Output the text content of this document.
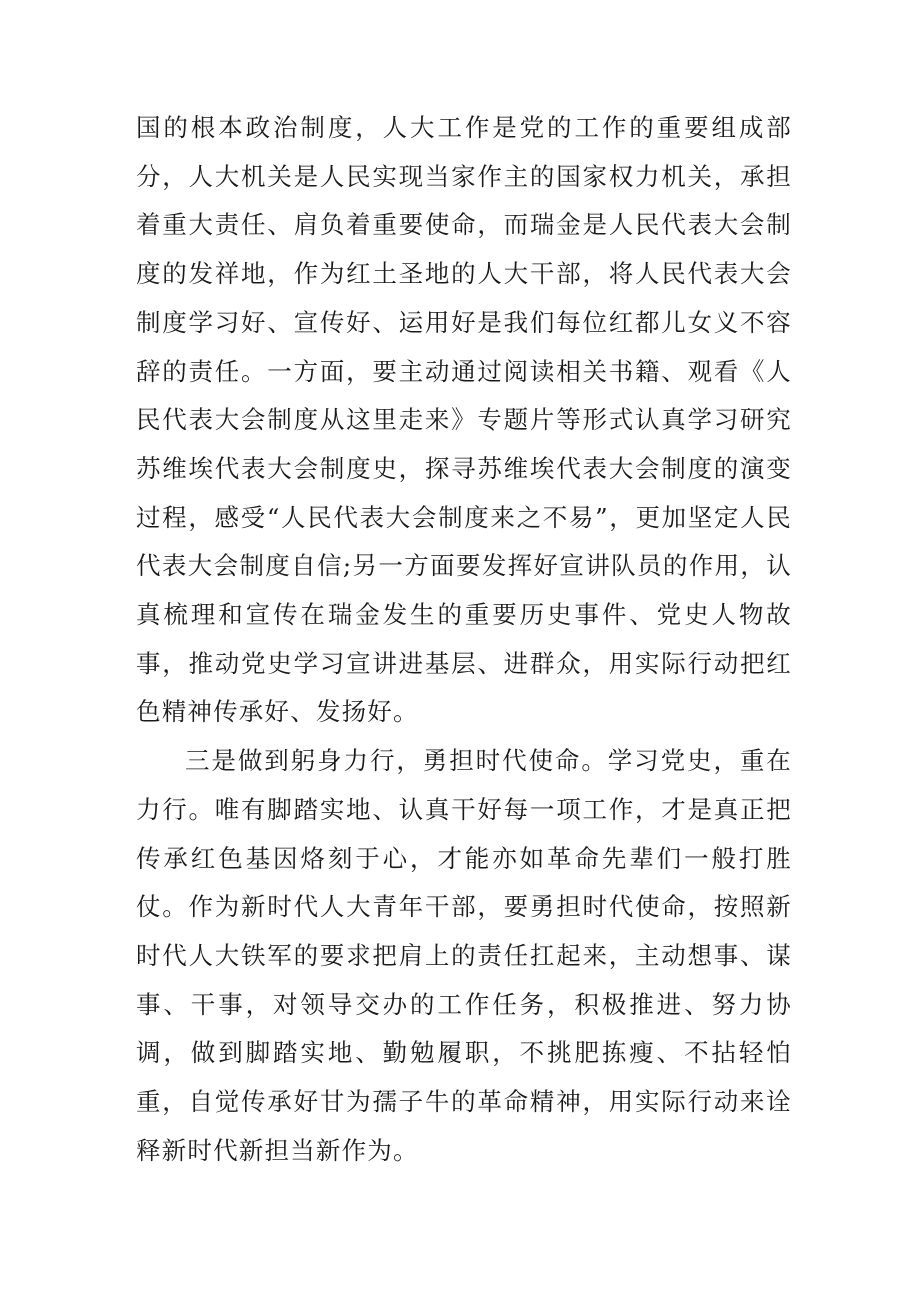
国的根本政治制度，人大工作是党的工作的重要组成部分，人大机关是人民实现当家作主的国家权力机关，承担着重大责任、肩负着重要使命，而瑞金是人民代表大会制度的发祥地，作为红土圣地的人大干部，将人民代表大会制度学习好、宣传好、运用好是我们每位红都儿女义不容辞的责任。一方面，要主动通过阅读相关书籍、观看《人民代表大会制度从这里走来》专题片等形式认真学习研究苏维埃代表大会制度史，探寻苏维埃代表大会制度的演变过程，感受“人民代表大会制度来之不易”，更加坚定人民代表大会制度自信;另一方面要发挥好宣讲队员的作用，认真梳理和宣传在瑞金发生的重要历史事件、党史人物故事，推动党史学习宣讲进基层、进群众，用实际行动把红色精神传承好、发扬好。

三是做到躬身力行，勇担时代使命。学习党史，重在力行。唯有脚踏实地、认真干好每一项工作，才是真正把传承红色基因烙刻于心，才能亦如革命先辈们一般打胜仗。作为新时代人大青年干部，要勇担时代使命，按照新时代人大铁军的要求把肩上的责任扛起来，主动想事、谋事、干事，对领导交办的工作任务，积极推进、努力协调，做到脚踏实地、勤勉履职，不挑肥拣瘦、不拈轻怕重，自觉传承好甘为孺子牛的革命精神，用实际行动来诠释新时代新担当新作为。
